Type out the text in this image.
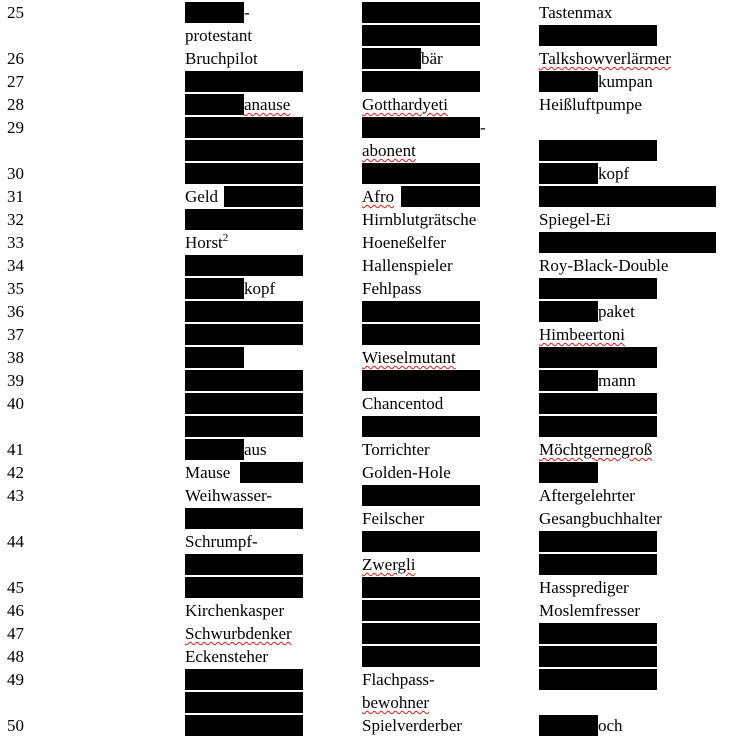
25
26
27
28
29
30
31
32
33
34
35
36
37
38
39
40
41
42
43
44
45
46
47
48
49
50
-
protestant
Bruchpilot
anause
Geld
Horst$^2$
kopf
aus
Mause
Weihwasser-
Schrumpf-
Kirchenkasper
Schwurbdenker
Eckensteher
bär
Gotthardyeti
-
abonent
Afro
Hirnblutgrätsche
Hoeneßelfer
Hallenspieler
Fehlpass
Wieselmutant
Chancentod
Torrichter
Golden-Hole
Feilscher
Zwergli
Flachpass-
bewohner
Spielverderber
Tastenmax
Talkshowverlärmer
kumpan
Heißluftpumpe
kopf
Spiegel-Ei
Roy-Black-Double
paket
Himbeertoni
mann
Möchtgernegroß
Aftergelehrter
Gesangbuchhalter
Hassprediger
Moslemfresser
och
